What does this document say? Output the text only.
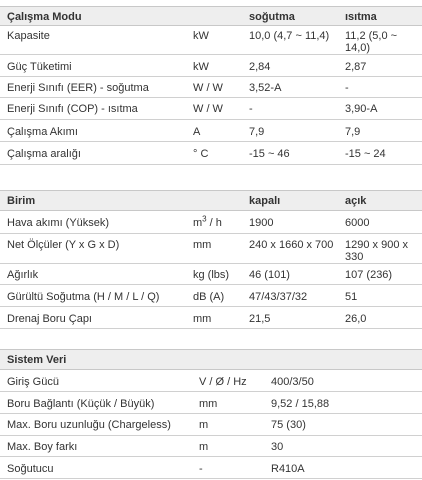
Çalışma Modu		soğutma	ısıtma
Kapasite	kW	10,0 (4,7 ~ 11,4)	11,2 (5,0 ~ 14,0)
Güç Tüketimi	kW	2,84	2,87
Enerji Sınıfı (EER) - soğutma	W / W	3,52-A	-
Enerji Sınıfı (COP) - ısıtma	W / W	-	3,90-A
Çalışma Akımı	A	7,9	7,9
Çalışma aralığı	° C	-15 ~ 46	-15 ~ 24
Birim		kapalı	açık
Hava akımı (Yüksek)	$m^3$ / h	1900	6000
Net Ölçüler (Y x G x D)	mm	240 x 1660 x 700	1290 x 900 x 330
Ağırlık	kg (lbs)	46 (101)	107 (236)
Gürültü Soğutma (H / M / L / Q)	dB (A)	47/43/37/32	51
Drenaj Boru Çapı	mm	21,5	26,0
Sistem Veri		
Giriş Gücü	V / Ø / Hz	400/3/50
Boru Bağlantı (Küçük / Büyük)	mm	9,52 / 15,88
Max. Boru uzunluğu (Chargeless)	m	75 (30)
Max. Boy farkı	m	30
Soğutucu	-	R410A
